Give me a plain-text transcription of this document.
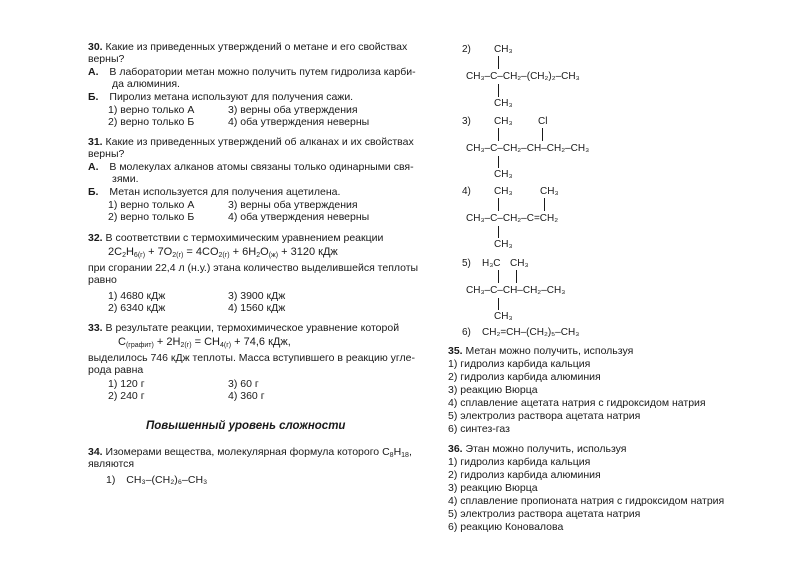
30. Какие из приведенных утверждений о метане и его свойствах
верны?
А. В лаборатории метан можно получить путем гидролиза карби-
да алюминия.
Б. Пиролиз метана используют для получения сажи.
1) верно только А	3) верны оба утверждения
2) верно только Б	4) оба утверждения неверны
31. Какие из приведенных утверждений об алканах и их свойствах
верны?
А. В молекулах алканов атомы связаны только одинарными свя-
зями.
Б. Метан используется для получения ацетилена.
1) верно только А	3) верны оба утверждения
2) верно только Б	4) оба утверждения неверны
32. В соответствии с термохимическим уравнением реакции
$2C_2H_{6(г)} + 7O_{2(г)} = 4CO_{2(г)} + 6H_2O_{(ж)} + 3120$ кДж
при сгорании 22,4 л (н.у.) этана количество выделившейся теплоты
равно
1) 4680 кДж	3) 3900 кДж
2) 6340 кДж	4) 1560 кДж
33. В результате реакции, термохимическое уравнение которой
$C_{(графит)} + 2H_{2(г)} = CH_{4(г)} + 74,6$ кДж,
выделилось 746 кДж теплоты. Масса вступившего в реакцию угле-
рода равна
1) 120 г	3) 60 г
2) 240 г	4) 360 г
Повышенный уровень сложности
34. Изомерами вещества, молекулярная формула которого $C_8H_{18}$,
являются
1) CH₃–(CH₂)₆–CH₃
2) CH₃
CH₃–C–CH₂–(CH₂)₂–CH₃
CH₃
3) CH₃	Cl
CH₃–C–CH₂–CH–CH₂–CH₃
CH₃
4) CH₃	CH₃
CH₃–C–CH₂–C=CH₂
CH₃
5) H₃C CH₃
CH₃–C–CH–CH₂–CH₃
CH₃
6) CH₂=CH–(CH₂)₅–CH₃
35. Метан можно получить, используя
1) гидролиз карбида кальция
2) гидролиз карбида алюминия
3) реакцию Вюрца
4) сплавление ацетата натрия с гидроксидом натрия
5) электролиз раствора ацетата натрия
6) синтез-газ
36. Этан можно получить, используя
1) гидролиз карбида кальция
2) гидролиз карбида алюминия
3) реакцию Вюрца
4) сплавление пропионата натрия с гидроксидом натрия
5) электролиз раствора ацетата натрия
6) реакцию Коновалова
